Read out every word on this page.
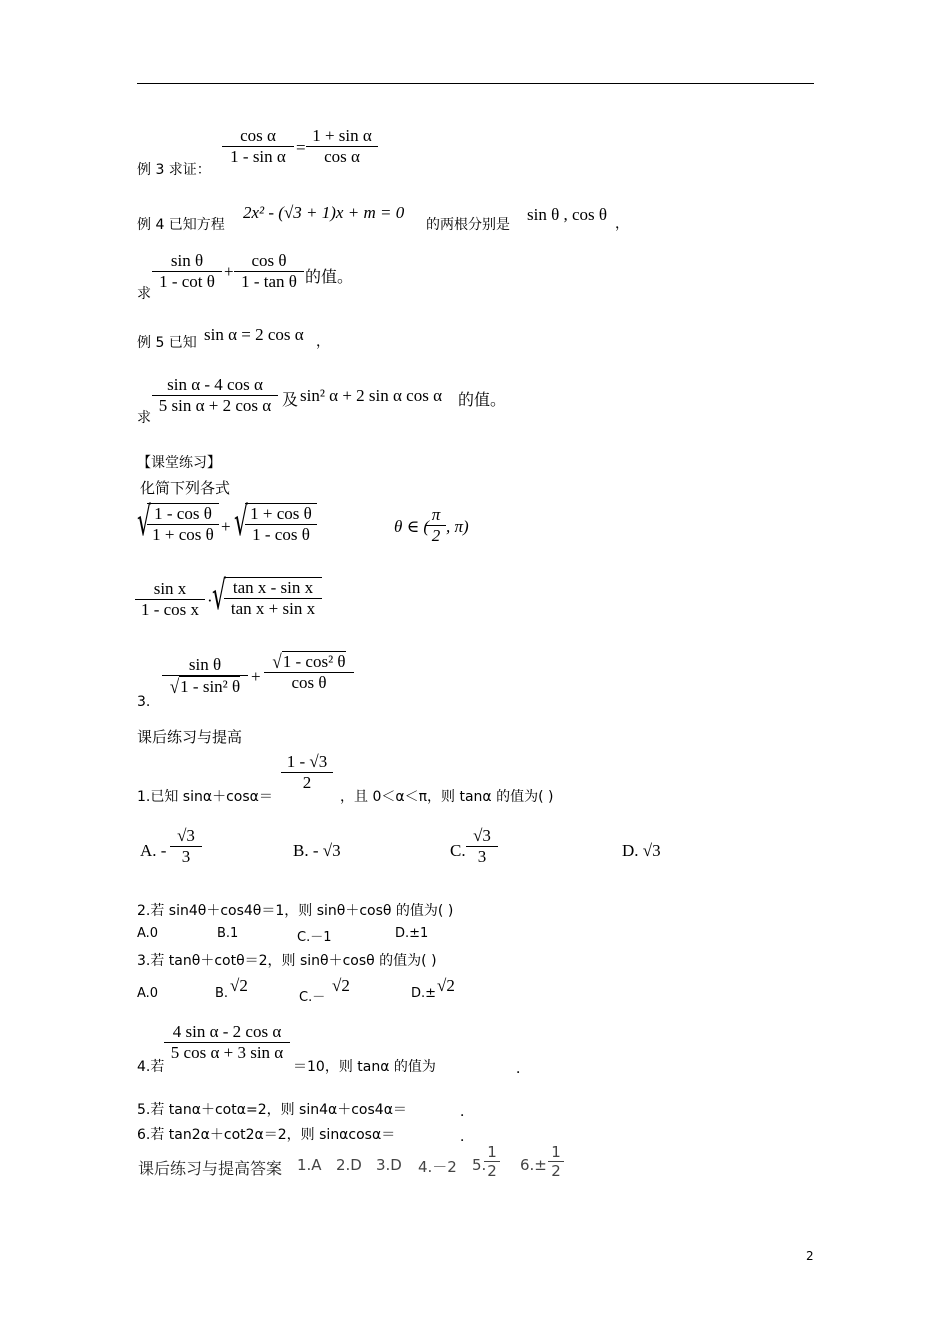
例 3 求证：
cos α
1 - sin α =
1 + sin α
cos α
例 4 已知方程
2x² - (√3 + 1)x + m = 0
的两根分别是
sin θ , cos θ ，
求
sin θ
1 - cot θ
+
cos θ
1 - tan θ 的值。
例 5 已知 sin α = 2 cos α ，
求
sin α - 4 cos α
5 sin α + 2 cos α 及 sin² α + 2 sin α cos α 的值。
【课堂练习】
化简下列各式
√ 1 - cos θ
1 + cos θ + √ 1 + cos θ
1 - cos θ	θ ∈ (
π
2 , π)
sin x
1 - cos x · √ tan x - sin x
tan x + sin x
3.
sin θ
√1 - sin² θ
+
√1 - cos² θ
cos θ
课后练习与提高
1.已知 sinα＋cosα＝
1 - √3
2
，且 0＜α＜π，则 tanα 的值为( )
A. -
√3
3	B. - √3	C.
√3
3	D. √3
2.若 sin4θ＋cos4θ＝1，则 sinθ＋cosθ 的值为( )
A.0	B.1	C.－1	D.±1
3.若 tanθ＋cotθ＝2，则 sinθ＋cosθ 的值为( )
A.0	B. √2
C.－
√2	D.± √2
4.若
4 sin α - 2 cos α
5 cos α + 3 sin α
＝10，则 tanα 的值为	．
5.若 tanα＋cotα=2，则 sin4α＋cos4α＝	．
6.若 tan2α＋cot2α＝2，则 sinαcosα＝	．
课后练习与提高答案 1.A 2.D 3.D 4.－2 5.
1
2 6.±
1
2
2
